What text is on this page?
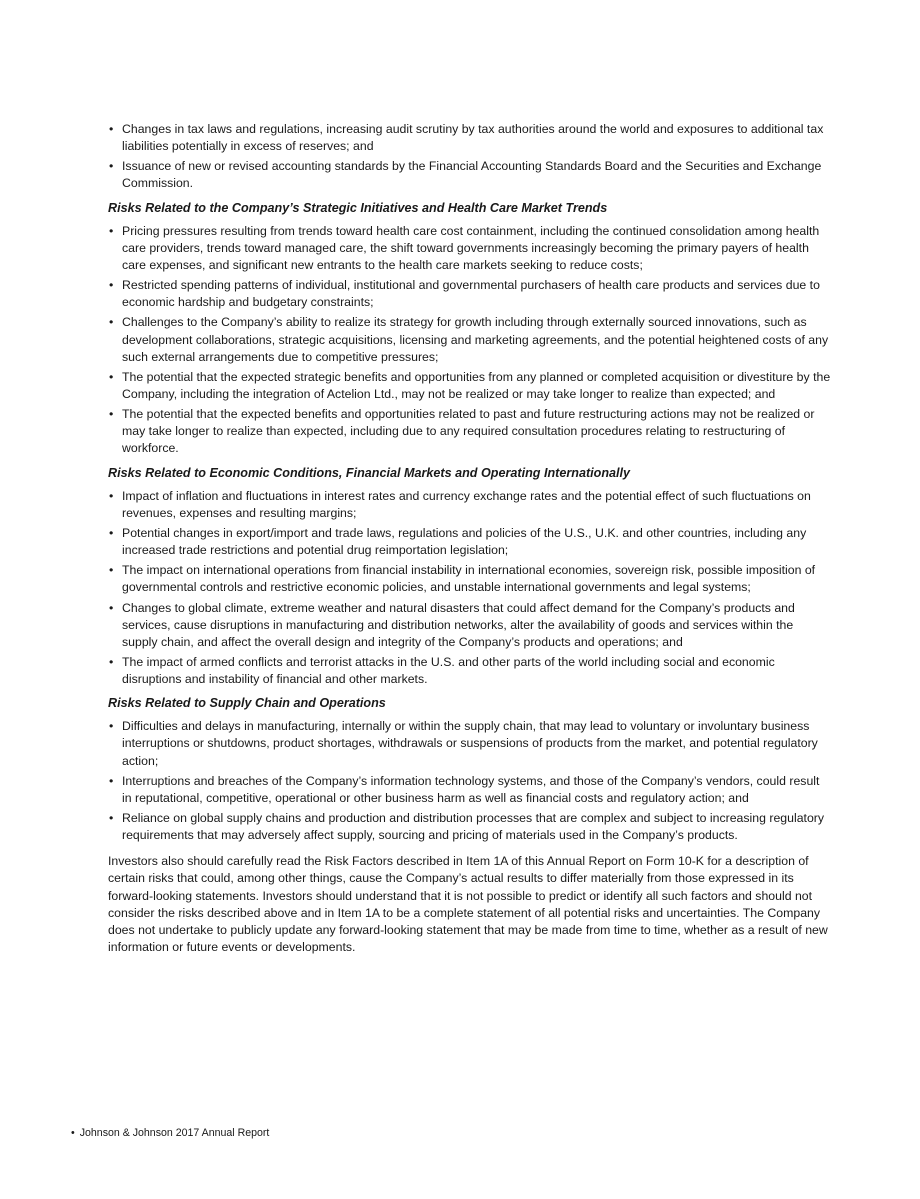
• Changes in tax laws and regulations, increasing audit scrutiny by tax authorities around the world and exposures to additional tax liabilities potentially in excess of reserves; and
• Issuance of new or revised accounting standards by the Financial Accounting Standards Board and the Securities and Exchange Commission.
Risks Related to the Company’s Strategic Initiatives and Health Care Market Trends
• Pricing pressures resulting from trends toward health care cost containment, including the continued consolidation among health care providers, trends toward managed care, the shift toward governments increasingly becoming the primary payers of health care expenses, and significant new entrants to the health care markets seeking to reduce costs;
• Restricted spending patterns of individual, institutional and governmental purchasers of health care products and services due to economic hardship and budgetary constraints;
• Challenges to the Company’s ability to realize its strategy for growth including through externally sourced innovations, such as development collaborations, strategic acquisitions, licensing and marketing agreements, and the potential heightened costs of any such external arrangements due to competitive pressures;
• The potential that the expected strategic benefits and opportunities from any planned or completed acquisition or divestiture by the Company, including the integration of Actelion Ltd., may not be realized or may take longer to realize than expected; and
• The potential that the expected benefits and opportunities related to past and future restructuring actions may not be realized or may take longer to realize than expected, including due to any required consultation procedures relating to restructuring of workforce.
Risks Related to Economic Conditions, Financial Markets and Operating Internationally
• Impact of inflation and fluctuations in interest rates and currency exchange rates and the potential effect of such fluctuations on revenues, expenses and resulting margins;
• Potential changes in export/import and trade laws, regulations and policies of the U.S., U.K. and other countries, including any increased trade restrictions and potential drug reimportation legislation;
• The impact on international operations from financial instability in international economies, sovereign risk, possible imposition of governmental controls and restrictive economic policies, and unstable international governments and legal systems;
• Changes to global climate, extreme weather and natural disasters that could affect demand for the Company’s products and services, cause disruptions in manufacturing and distribution networks, alter the availability of goods and services within the supply chain, and affect the overall design and integrity of the Company’s products and operations; and
• The impact of armed conflicts and terrorist attacks in the U.S. and other parts of the world including social and economic disruptions and instability of financial and other markets.
Risks Related to Supply Chain and Operations
• Difficulties and delays in manufacturing, internally or within the supply chain, that may lead to voluntary or involuntary business interruptions or shutdowns, product shortages, withdrawals or suspensions of products from the market, and potential regulatory action;
• Interruptions and breaches of the Company’s information technology systems, and those of the Company’s vendors, could result in reputational, competitive, operational or other business harm as well as financial costs and regulatory action; and
• Reliance on global supply chains and production and distribution processes that are complex and subject to increasing regulatory requirements that may adversely affect supply, sourcing and pricing of materials used in the Company’s products.

Investors also should carefully read the Risk Factors described in Item 1A of this Annual Report on Form 10-K for a description of certain risks that could, among other things, cause the Company’s actual results to differ materially from those expressed in its forward-looking statements. Investors should understand that it is not possible to predict or identify all such factors and should not consider the risks described above and in Item 1A to be a complete statement of all potential risks and uncertainties. The Company does not undertake to publicly update any forward-looking statement that may be made from time to time, whether as a result of new information or future events or developments.

• Johnson & Johnson 2017 Annual Report
